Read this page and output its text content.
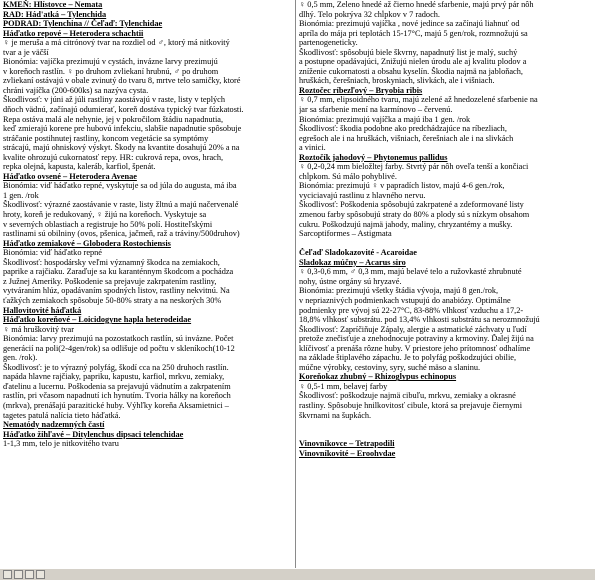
KMEŇ: Hlístovce – Nemata
RAD: Hád'atká – Tylenchida
PODRAD: Tylenchina // Čeľaď: Tylenchidae
Háďatko repové – Heterodera schachtii
♀ je meruša a má citrónový tvar na rozdiel od ♂, ktorý má nitkovitý
tvar a je väčší
Bionómia: vajíčka prezimujú v cystách, invázne larvy prezimujú
v koreňoch rastlín. ♀ po druhom zvliekaní hrubnú, ♂ po druhom
zvliekaní ostávajú v obale zvinutý do tvaru 8, mrtve telo samičky, ktoré
chráni vajíčka (200-600ks) sa nazýva cysta.
Škodlivosť: v júni až júli rastliny zaostávajú v raste, listy v teplých
dňoch vädnú, začínajú odumierať, koreň dostáva typický tvar fúzkatosti.
Repa ostáva malá ale nehynie, jej v pokročilom štádiu napadnutia,
keď zmierajú korene pre hubovú infekciu, slabšie napadnutie spôsobuje
stráčanie postihnutej rastliny, koncom vegetácie sa symptómy
strácajú, majú ohniskový výskyt. Škody na kvantite dosahujú 20% a na
kvalite ohrozujú cukornatosť repy. HR: cukrová repa, ovos, hrach,
repka olejná, kapusta, kaleráb, karfiol, špenát.
Háďatko ovsené – Heterodera Avenae
Bionómia: viď háďatko repné, vyskytuje sa od júla do augusta, má iba
1 gen. /rok
Škodlivosť: výrazné zaostávanie v raste, listy žltnú a majú načervenalé
hroty, koreň je redukovaný, ♀ žijú na koreňoch. Vyskytuje sa
v severných oblastiach a registruje ho 50% polí. Hostiteľskými
rastlinami sú obilniny (ovos, pšenica, jačmeň, raž a tráviny/500druhov)
Háďatko zemiakové – Globodera Rostochiensis
Bionómia: viď háďatko repné
Škodlivosť: hospodársky veľmi významný škodca na zemiakoch,
paprike a rajčiaku. Zaraďuje sa ku karanténnym škodcom a pochádza
z Južnej Ameriky. Poškodenie sa prejavuje zakrpatením rastliny,
vytváraním hlúz, opadávaním spodných listov, rastliny nekvitnú. Na
ťažkých zemiakoch spôsobuje 50-80% straty a na neskorých 30%
Hallovitovité háďatká
Háďatko koreňové – Loicidogyne hapla heterodeidae
♀ má hruškovitý tvar
Bionómia: larvy prezimujú na pozostatkoch rastlín, sú invázne. Počet
generácií na poli(2-4gen/rok) sa odlišuje od počtu v skleníkoch(10-12
gen. /rok).
Škodlivosť: je to výrazný polyfág, škodí cca na 250 druhoch rastlín.
napáda hlavne rajčiaky, papriku, kapustu, karfiol, mrkvu, zemiaky,
ďatelinu a lucernu. Poškodenia sa prejavujú vädnutím a zakrpatením
rastlín, pri včasom napadnutí ich hynutím. Tvoria hálky na koreňoch
(mrkva), prenášajú parazitické huby. Výhľky koreňa Aksamietnici –
tagetes patulá nalícia tieto háďatká.
Nematódy nadzemných častí
Háďatko žihľavé – Ditylenchus dipsaci telenchidae
1-1,3 mm, telo je nitkovitého tvaru
♀ 0,5 mm, Zeleno hnedé až čierno hnedé sfarbenie, majú prvý pár nôh
dlhý. Telo pokrýva 32 chĺpkov v 7 radoch.
Bionómia: prezimujú vajíčka , nové jedince sa začínajú liahnuť od
apríla do mája pri teplotách 15-17°C, majú 5 gen/rok, rozmnožujú sa
partenogeneticky.
Škodlivosť: spôsobujú biele škvrny, napadnutý list je malý, suchý
a postupne opadávajúci, Znižujú nielen úrodu ale aj kvalitu plodov a
zníženie cukornatosti a obsahu kyselín. Škodia najmä na jabloňach,
hruškách, čerešniach, broskyniach, slivkách, ale i višniach.
Roztočec ríbezľový – Bryobia ribis
♀ 0,7 mm, elipsoidného tvaru, majú zelené až hnedozelené sfarbenie na
jar sa sfarbenie mení na karmínovo – červenú.
Bionómia: prezimujú vajíčka a majú iba 1 gen. /rok
Škodlivosť: škodia podobne ako predchádzajúce na ríbezliach,
egrešoch ale i na hruškách, višniach, čerešniach ale i na slivkách
a vinici.
Roztočík jahodový – Phytonemus pallidus
♀ 0,2-0,24 mm bieložltej farby. Stvrtý pár nôh oveľa tenší a končiaci
chĺpkom. Sú málo pohyblivé.
Bionómia: prezimujú ♀ v papradích listov, majú 4-6 gen./rok,
vyciciavajú rastlinu z hlavného nervu.
Škodlivosť: Poškodenia spôsobujú zakrpatené a zdeformované listy
zmenou farby spôsobujú straty do 80% a plody sú s nízkym obsahom
cukru. Poškodzujú najmä jahody, maliny, chryzantémy a mušky.
Sarcoptiformes – Astigmata
Čeľaď Sladokazovité - Acaroidae
Sladokaz múčny – Acarus siro
♀ 0,3-0,6 mm, ♂ 0,3 mm, majú belavé telo a ružovkasté zhrubnuté
nohy, ústne orgány sú hryzavé.
Bionómia: prezimujú všetky štádia vývoja, majú 8 gen./rok,
v nepriaznivých podmienkach vstupujú do anabiózy. Optimálne
podmienky pre vývoj sú 22-27°C, 83-88% vlhkosť vzduchu a 17,2-
18,8% vlhkosť substrátu. pod 13,4% vlhkosti substrátu sa nerozmnožujú
Škodlivosť: Zapríčiňuje Zápaly, alergie a astmatické záchvaty u ľudí
pretože znečisťuje a znehodnocuje potraviny a krmoviny. Ďalej žijú na
klíčivosť a prenáša rôzne huby. V priestore jeho prítomnosť odhalíme
na základe štiplavého zápachu. Je to polyfág poškodzujúci obilie,
múčne výrobky, cestoviny, syry, suché mäso a slaninu.
Koreňokaz zhubný – Rhizoglypus echinopus
♀ 0,5-1 mm, belavej farby
Škodlivosť: poškodzuje najmä cibuľu, mrkvu, zemiaky a okrasné
rastliny. Spôsobuje hnilkovitosť cibule, ktorá sa prejavuje čiernymi
škvrnami na šupkách.
Vinovníkovce – Tetrapodili
Vinovníkovité – Eroohvdae
